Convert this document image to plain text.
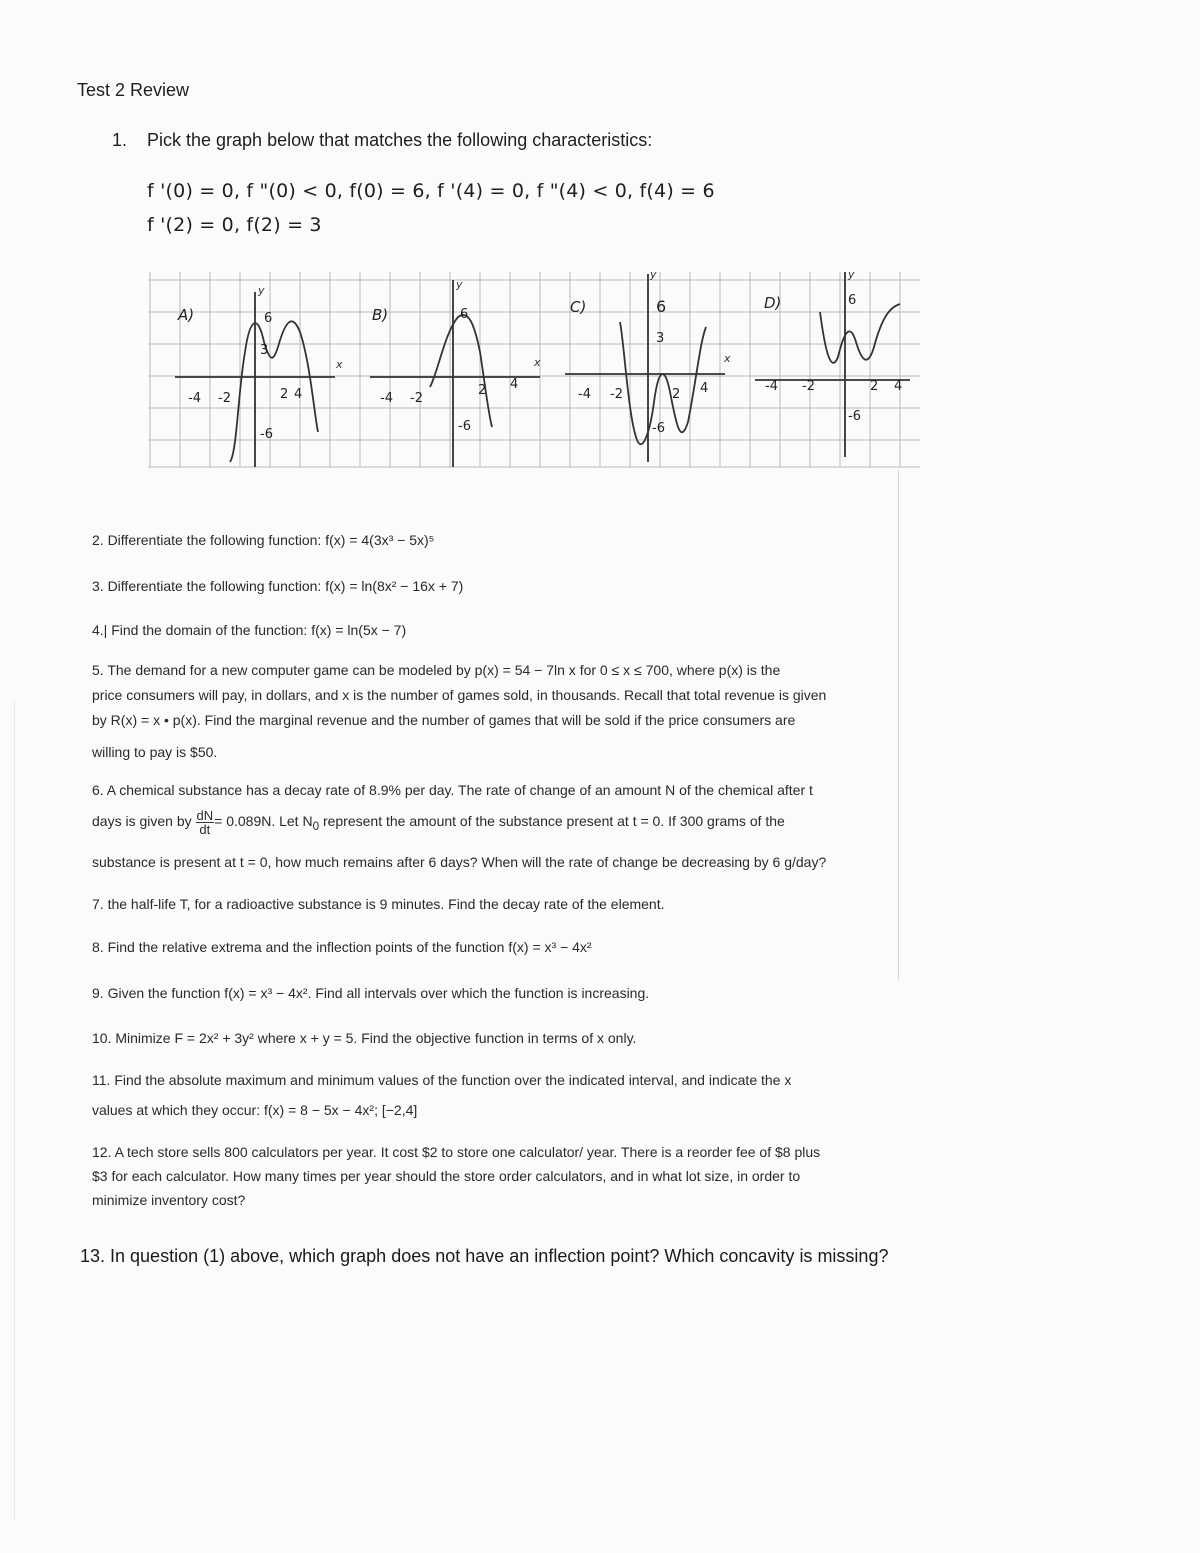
Test 2 Review
1. Pick the graph below that matches the following characteristics:
f '(0) = 0, f "(0) < 0, f(0) = 6, f '(4) = 0, f "(4) < 0, f(4) = 6
f '(2) = 0, f(2) = 3
A)
-4 -2	2 4
6
3
-6
x
y
B)
-4 -2
2 4
6
-6
x
y
C)
-4 -2	2 4
6
3
-6
x
y
D)
-4 -2	2 4
6
-6
y
2. Differentiate the following function: f(x) = 4(3x³ − 5x)⁵
3. Differentiate the following function: f(x) = ln(8x² − 16x + 7)
4.| Find the domain of the function: f(x) = ln(5x − 7)
5. The demand for a new computer game can be modeled by p(x) = 54 − 7ln x for 0 ≤ x ≤ 700, where p(x) is the
price consumers will pay, in dollars, and x is the number of games sold, in thousands. Recall that total revenue is given
by R(x) = x • p(x). Find the marginal revenue and the number of games that will be sold if the price consumers are
willing to pay is $50.
6. A chemical substance has a decay rate of 8.9% per day. The rate of change of an amount N of the chemical after t
days is given by $\frac{dN}{dt} = 0.089N$. Let $N_0$ represent the amount of the substance present at t = 0. If 300 grams of the
substance is present at t = 0, how much remains after 6 days? When will the rate of change be decreasing by 6 g/day?
7. the half-life T, for a radioactive substance is 9 minutes. Find the decay rate of the element.
8. Find the relative extrema and the inflection points of the function f(x) = x³ − 4x²
9. Given the function f(x) = x³ − 4x². Find all intervals over which the function is increasing.
10. Minimize F = 2x² + 3y² where x + y = 5. Find the objective function in terms of x only.
11. Find the absolute maximum and minimum values of the function over the indicated interval, and indicate the x
values at which they occur: f(x) = 8 − 5x − 4x²; [−2,4]
12. A tech store sells 800 calculators per year. It cost $2 to store one calculator/ year. There is a reorder fee of $8 plus
$3 for each calculator. How many times per year should the store order calculators, and in what lot size, in order to
minimize inventory cost?
13. In question (1) above, which graph does not have an inflection point? Which concavity is missing?
